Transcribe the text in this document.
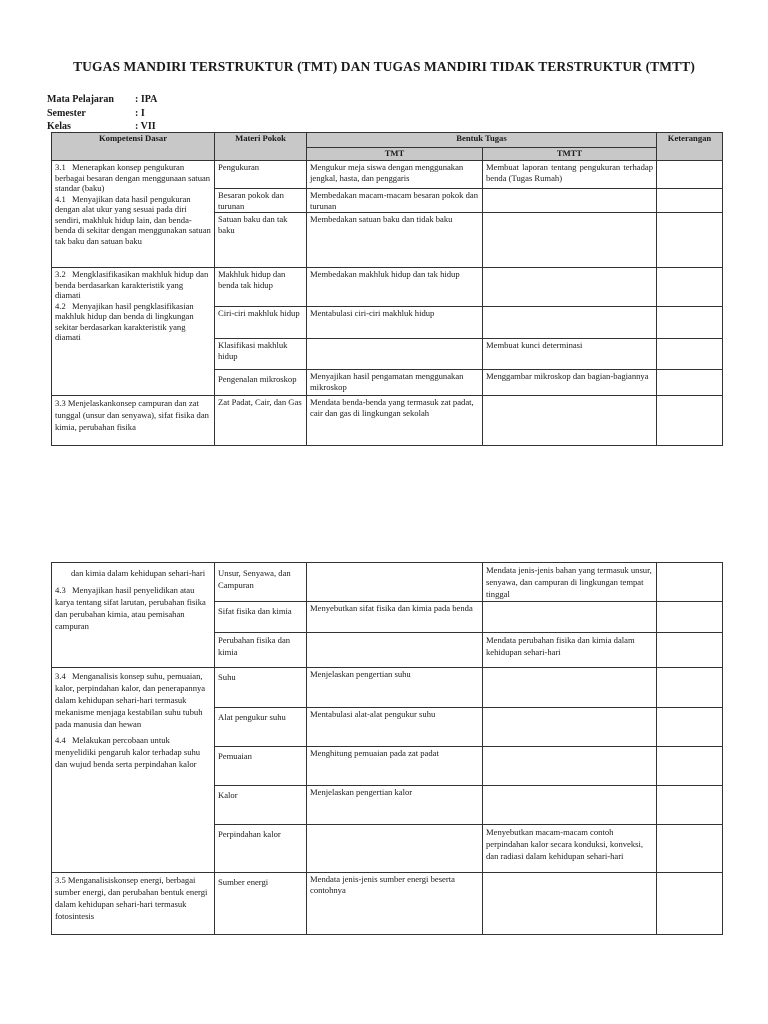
TUGAS MANDIRI TERSTRUKTUR (TMT) DAN TUGAS MANDIRI TIDAK TERSTRUKTUR (TMTT)
Mata Pelajaran	: IPA
Semester	: I
Kelas	: VII
Kompetensi Dasar	Materi Pokok	Bentuk Tugas		Keterangan
		TMT	TMTT	

3.1 Menerapkan konsep pengukuran berbagai besaran dengan menggunaan satuan standar (baku)
4.1 Menyajikan data hasil pengukuran dengan alat ukur yang sesuai pada diri sendiri, makhluk hidup lain, dan benda-benda di sekitar dengan menggunakan satuan tak baku dan satuan baku	Pengukuran	Mengukur meja siswa dengan menggunakan jengkal, hasta, dan penggaris	Membuat laporan tentang pengukuran terhadap benda (Tugas Rumah)	
	Besaran pokok dan turunan	Membedakan macam-macam besaran pokok dan turunan		
	Satuan baku dan tak baku	Membedakan satuan baku dan tidak baku		

3.2 Mengklasifikasikan makhluk hidup dan benda berdasarkan karakteristik yang diamati
4.2 Menyajikan hasil pengklasifikasian makhluk hidup dan benda di lingkungan sekitar berdasarkan karakteristik yang diamati	Makhluk hidup dan benda tak hidup	Membedakan makhluk hidup dan tak hidup		
	Ciri-ciri makhluk hidup	Mentabulasi ciri-ciri makhluk hidup		
	Klasifikasi makhluk hidup		Membuat kunci determinasi	

	Pengenalan mikroskop	Menyajikan hasil pengamatan menggunakan mikroskop	Menggambar mikroskop dan bagian-bagiannya	

3.3 Menjelaskankonsep campuran dan zat tunggal (unsur dan senyawa), sifat fisika dan kimia, perubahan fisika	Zat Padat, Cair, dan Gas	Mendata benda-benda yang termasuk zat padat, cair dan gas di lingkungan sekolah		
dan kimia dalam kehidupan sehari-hari
4.3 Menyajikan hasil penyelidikan atau karya tentang sifat larutan, perubahan fisika dan perubahan kimia, atau pemisahan campuran	Unsur, Senyawa, dan Campuran		Mendata jenis-jenis bahan yang termasuk unsur, senyawa, dan campuran di lingkungan tempat tinggal	

	Sifat fisika dan kimia	Menyebutkan sifat fisika dan kimia pada benda		

	Perubahan fisika dan kimia		Mendata perubahan fisika dan kimia dalam kehidupan sehari-hari	

3.4 Menganalisis konsep suhu, pemuaian, kalor, perpindahan kalor, dan penerapannya dalam kehidupan sehari-hari termasuk mekanisme menjaga kestabilan suhu tubuh pada manusia dan hewan
4.4 Melakukan percobaan untuk menyelidiki pengaruh kalor terhadap suhu dan wujud benda serta perpindahan kalor	Suhu	Menjelaskan pengertian suhu		

	Alat pengukur suhu	Mentabulasi alat-alat pengukur suhu		

	Pemuaian	Menghitung pemuaian pada zat padat		

	Kalor	Menjelaskan pengertian kalor		

	Perpindahan kalor		Menyebutkan macam-macam contoh perpindahan kalor secara konduksi, konveksi, dan radiasi dalam kehidupan sehari-hari	

3.5 Menganalisiskonsep energi, berbagai sumber energi, dan perubahan bentuk energi dalam kehidupan sehari-hari termasuk fotosintesis	Sumber energi	Mendata jenis-jenis sumber energi beserta contohnya		
